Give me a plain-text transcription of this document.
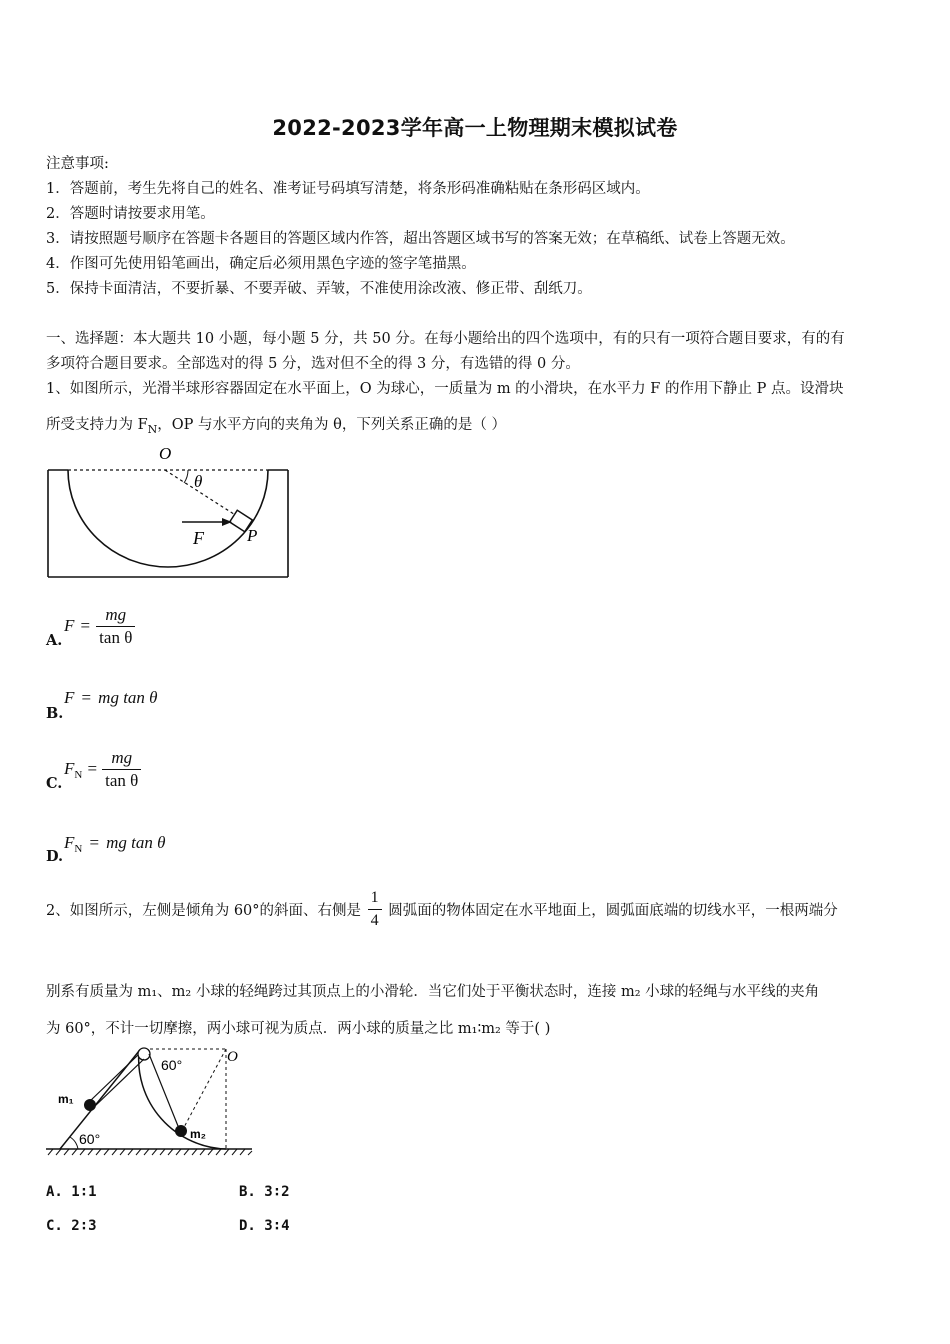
2022-2023学年高一上物理期末模拟试卷
注意事项:
1．答题前，考生先将自己的姓名、准考证号码填写清楚，将条形码准确粘贴在条形码区域内。
2．答题时请按要求用笔。
3．请按照题号顺序在答题卡各题目的答题区域内作答，超出答题区域书写的答案无效；在草稿纸、试卷上答题无效。
4．作图可先使用铅笔画出，确定后必须用黑色字迹的签字笔描黑。
5．保持卡面清洁，不要折暴、不要弄破、弄皱，不准使用涂改液、修正带、刮纸刀。
一、选择题：本大题共 10 小题，每小题 5 分，共 50 分。在每小题给出的四个选项中，有的只有一项符合题目要求，有的有
多项符合题目要求。全部选对的得 5 分，选对但不全的得 3 分，有选错的得 0 分。
1、如图所示，光滑半球形容器固定在水平面上，O 为球心，一质量为 m 的小滑块，在水平力 F 的作用下静止 P 点。设滑块
所受支持力为 $F_N$，OP 与水平方向的夹角为 θ，下列关系正确的是（ ）
O
θ
F	P
A.
$F = \frac{mg}{\text{tan θ}}$
B.
F = mg tan θ
C.
$F_N = \frac{mg}{\text{tan θ}}$
D.
$F_N$ = mg tan θ
2、如图所示，左侧是倾角为 60°的斜面、右侧是 $\frac{1}{4}$ 圆弧面的物体固定在水平地面上，圆弧面底端的切线水平，一根两端分
别系有质量为 m₁、m₂ 小球的轻绳跨过其顶点上的小滑轮．当它们处于平衡状态时，连接 m₂ 小球的轻绳与水平线的夹角
为 60°，不计一切摩擦，两小球可视为质点．两小球的质量之比 m₁∶m₂ 等于( )
60°
60°
O
m₁
m₂
A. 1∶1	B. 3∶2
C. 2∶3	D. 3∶4
